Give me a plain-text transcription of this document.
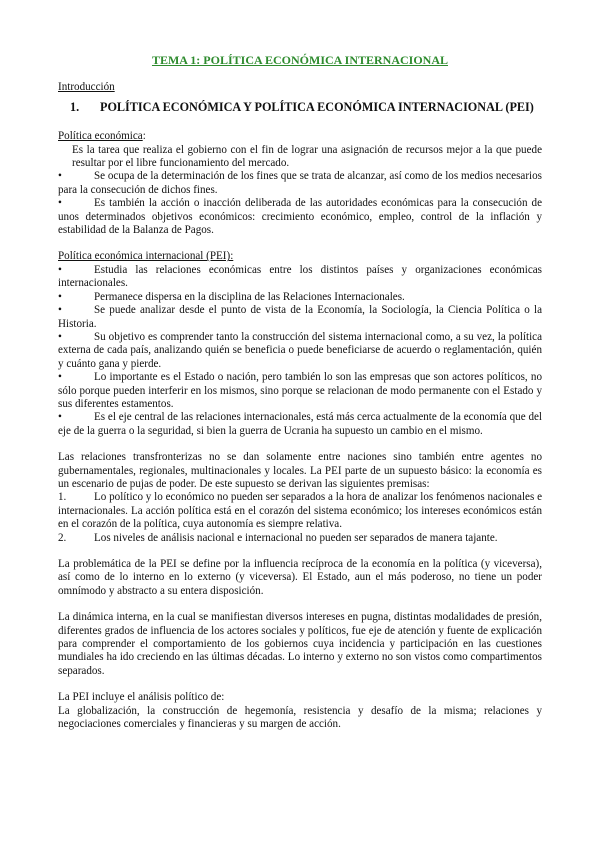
TEMA 1: POLÍTICA ECONÓMICA INTERNACIONAL
Introducción
1. POLÍTICA ECONÓMICA Y POLÍTICA ECONÓMICA INTERNACIONAL (PEI)
Política económica:

Es la tarea que realiza el gobierno con el fin de lograr una asignación de recursos mejor a la que puede resultar por el libre funcionamiento del mercado.

•	Se ocupa de la determinación de los fines que se trata de alcanzar, así como de los medios necesarios para la consecución de dichos fines.

•	Es también la acción o inacción deliberada de las autoridades económicas para la consecución de unos determinados objetivos económicos: crecimiento económico, empleo, control de la inflación y estabilidad de la Balanza de Pagos.

Política económica internacional (PEI):

•	Estudia las relaciones económicas entre los distintos países y organizaciones económicas internacionales.

•	Permanece dispersa en la disciplina de las Relaciones Internacionales.

•	Se puede analizar desde el punto de vista de la Economía, la Sociología, la Ciencia Política o la Historia.

•	Su objetivo es comprender tanto la construcción del sistema internacional como, a su vez, la política externa de cada país, analizando quién se beneficia o puede beneficiarse de acuerdo o reglamentación, quién y cuánto gana y pierde.

•	Lo importante es el Estado o nación, pero también lo son las empresas que son actores políticos, no sólo porque pueden interferir en los mismos, sino porque se relacionan de modo permanente con el Estado y sus diferentes estamentos.

•	Es el eje central de las relaciones internacionales, está más cerca actualmente de la economía que del eje de la guerra o la seguridad, si bien la guerra de Ucrania ha supuesto un cambio en el mismo.

Las relaciones transfronterizas no se dan solamente entre naciones sino también entre agentes no gubernamentales, regionales, multinacionales y locales. La PEI parte de un supuesto básico: la economía es un escenario de pujas de poder. De este supuesto se derivan las siguientes premisas:

1. Lo político y lo económico no pueden ser separados a la hora de analizar los fenómenos nacionales e internacionales. La acción política está en el corazón del sistema económico; los intereses económicos están en el corazón de la política, cuya autonomía es siempre relativa.

2. Los niveles de análisis nacional e internacional no pueden ser separados de manera tajante.

La problemática de la PEI se define por la influencia recíproca de la economía en la política (y viceversa), así como de lo interno en lo externo (y viceversa). El Estado, aun el más poderoso, no tiene un poder omnímodo y abstracto a su entera disposición.

La dinámica interna, en la cual se manifiestan diversos intereses en pugna, distintas modalidades de presión, diferentes grados de influencia de los actores sociales y políticos, fue eje de atención y fuente de explicación para comprender el comportamiento de los gobiernos cuya incidencia y participación en las cuestiones mundiales ha ido creciendo en las últimas décadas. Lo interno y externo no son vistos como compartimentos separados.

La PEI incluye el análisis político de:

La globalización, la construcción de hegemonía, resistencia y desafío de la misma; relaciones y negociaciones comerciales y financieras y su margen de acción.
